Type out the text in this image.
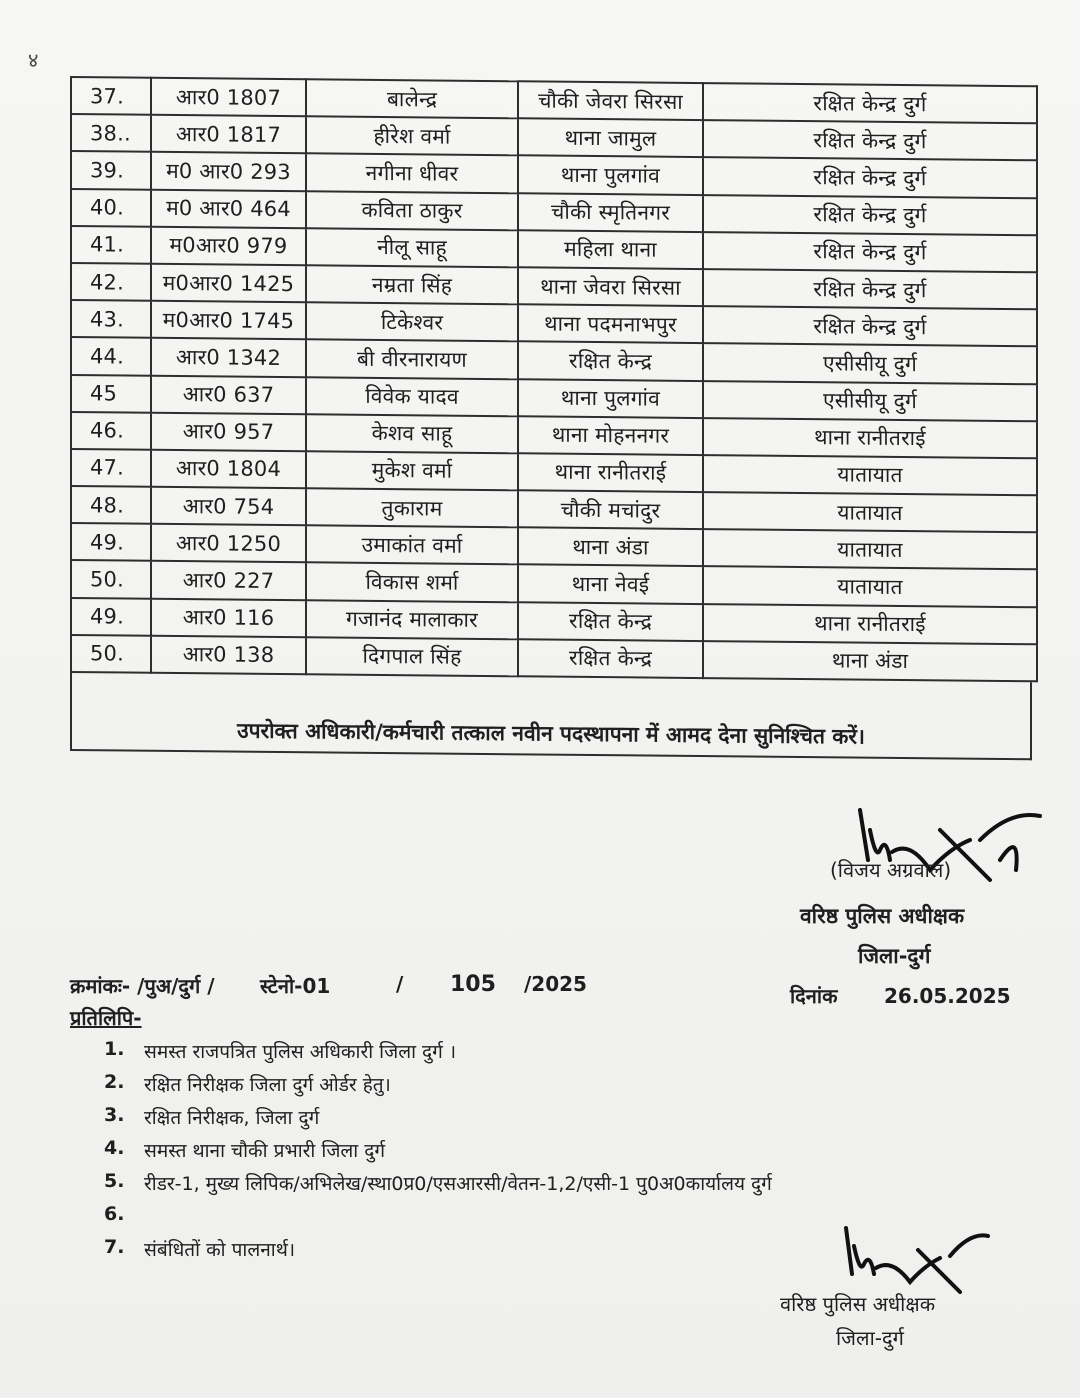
४
37.	आर0 1807	बालेन्द्र	चौकी जेवरा सिरसा	रक्षित केन्द्र दुर्ग
38..	आर0 1817	हीरेश वर्मा	थाना जामुल	रक्षित केन्द्र दुर्ग
39.	म0 आर0 293	नगीना धीवर	थाना पुलगांव	रक्षित केन्द्र दुर्ग
40.	म0 आर0 464	कविता ठाकुर	चौकी स्मृतिनगर	रक्षित केन्द्र दुर्ग
41.	म0आर0 979	नीलू साहू	महिला थाना	रक्षित केन्द्र दुर्ग
42.	म0आर0 1425	नम्रता सिंह	थाना जेवरा सिरसा	रक्षित केन्द्र दुर्ग
43.	म0आर0 1745	टिकेश्वर	थाना पदमनाभपुर	रक्षित केन्द्र दुर्ग
44.	आर0 1342	बी वीरनारायण	रक्षित केन्द्र	एसीसीयू दुर्ग
45	आर0 637	विवेक यादव	थाना पुलगांव	एसीसीयू दुर्ग
46.	आर0 957	केशव साहू	थाना मोहननगर	थाना रानीतराई
47.	आर0 1804	मुकेश वर्मा	थाना रानीतराई	यातायात
48.	आर0 754	तुकाराम	चौकी मचांदुर	यातायात
49.	आर0 1250	उमाकांत वर्मा	थाना अंडा	यातायात
50.	आर0 227	विकास शर्मा	थाना नेवई	यातायात
49.	आर0 116	गजानंद मालाकार	रक्षित केन्द्र	थाना रानीतराई
50.	आर0 138	दिगपाल सिंह	रक्षित केन्द्र	थाना अंडा
उपरोक्त अधिकारी/कर्मचारी तत्काल नवीन पदस्थापना में आमद देना सुनिश्चित करें।
(विजय अग्रवाल)
वरिष्ठ पुलिस अधीक्षक
जिला-दुर्ग
क्रमांकः- /पुअ/दुर्ग / स्टेनो-01	/ 105 /2025	दिनांक 26.05.2025
प्रतिलिपि-
1.	समस्त राजपत्रित पुलिस अधिकारी जिला दुर्ग ।
2.	रक्षित निरीक्षक जिला दुर्ग ओर्डर हेतु।
3.	रक्षित निरीक्षक, जिला दुर्ग
4.	समस्त थाना चौकी प्रभारी जिला दुर्ग
5.	रीडर-1, मुख्य लिपिक/अभिलेख/स्था0प्र0/एसआरसी/वेतन-1,2/एसी-1 पु0अ0कार्यालय दुर्ग
6.
7.	संबंधितों को पालनार्थ।
वरिष्ठ पुलिस अधीक्षक
जिला-दुर्ग
